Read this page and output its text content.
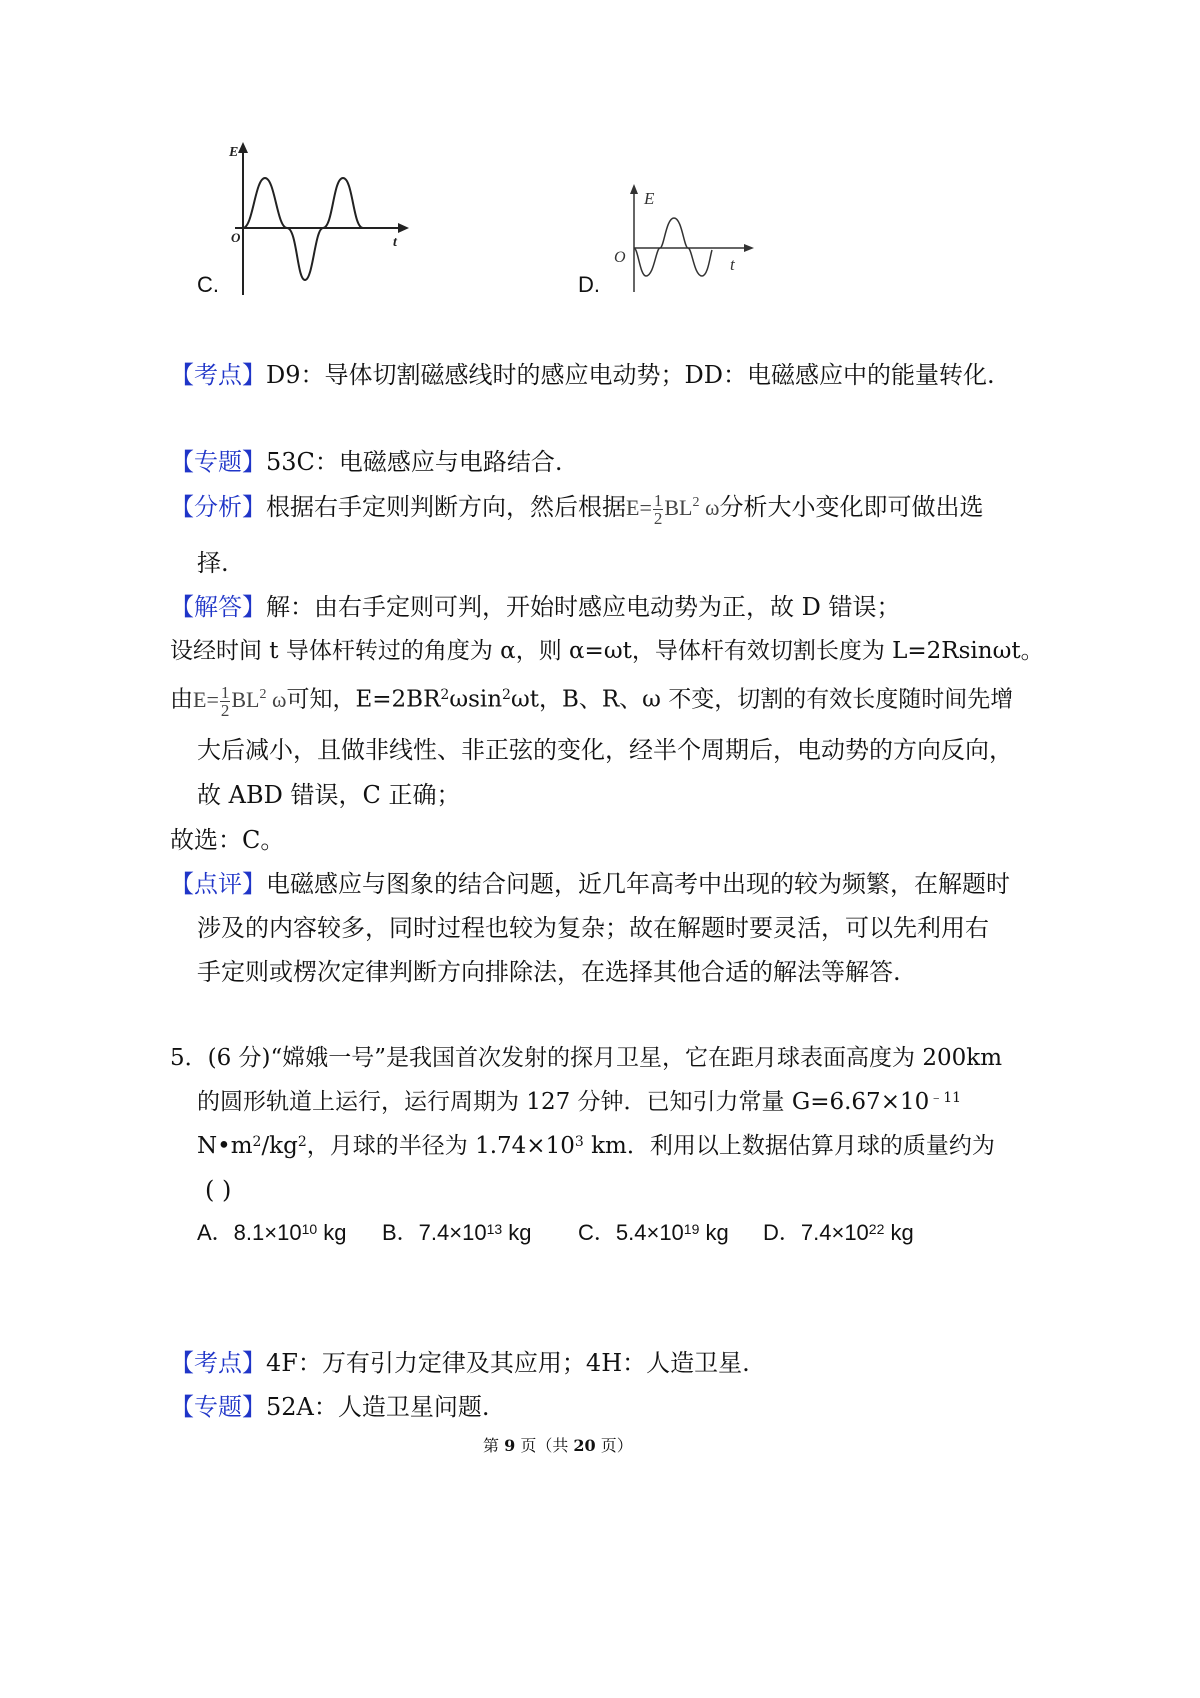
E
O	t
C.
E
O	t
D.
【考点】D9：导体切割磁感线时的感应电动势；DD：电磁感应中的能量转化.
【专题】53C：电磁感应与电路结合.
【分析】根据右手定则判断方向，然后根据$E= \frac{1}{2} BL^2$ ω分析大小变化即可做出选
择.
【解答】解：由右手定则可判，开始时感应电动势为正，故 D 错误；
设经时间 t 导体杆转过的角度为 α，则 α=ωt，导体杆有效切割长度为 L=2Rsinωt。
由$E= \frac{1}{2} BL^2$ ω可知，$E=2BR^2\omega\sin^2\omega t$，B、R、ω 不变，切割的有效长度随时间先增
大后减小，且做非线性、非正弦的变化，经半个周期后，电动势的方向反向，
故 ABD 错误，C 正确；
故选：C。
【点评】电磁感应与图象的结合问题，近几年高考中出现的较为频繁，在解题时
涉及的内容较多，同时过程也较为复杂；故在解题时要灵活，可以先利用右
手定则或楞次定律判断方向排除法，在选择其他合适的解法等解答.
5．(6 分)“嫦娥一号”是我国首次发射的探月卫星，它在距月球表面高度为 200km
的圆形轨道上运行，运行周期为 127 分钟．已知引力常量 $G=6.67\times 10^{﹣11}$
$N•m^2/kg^2$，月球的半径为 $1.74\times 10^3$ km．利用以上数据估算月球的质量约为
( )
A．$8.1\times 10^{10}$ kg B．$7.4\times 10^{13}$ kg C．$5.4\times 10^{19}$ kg D．$7.4\times 10^{22}$ kg
【考点】4F：万有引力定律及其应用；4H：人造卫星.
【专题】52A：人造卫星问题.
第 9 页（共 20 页）
